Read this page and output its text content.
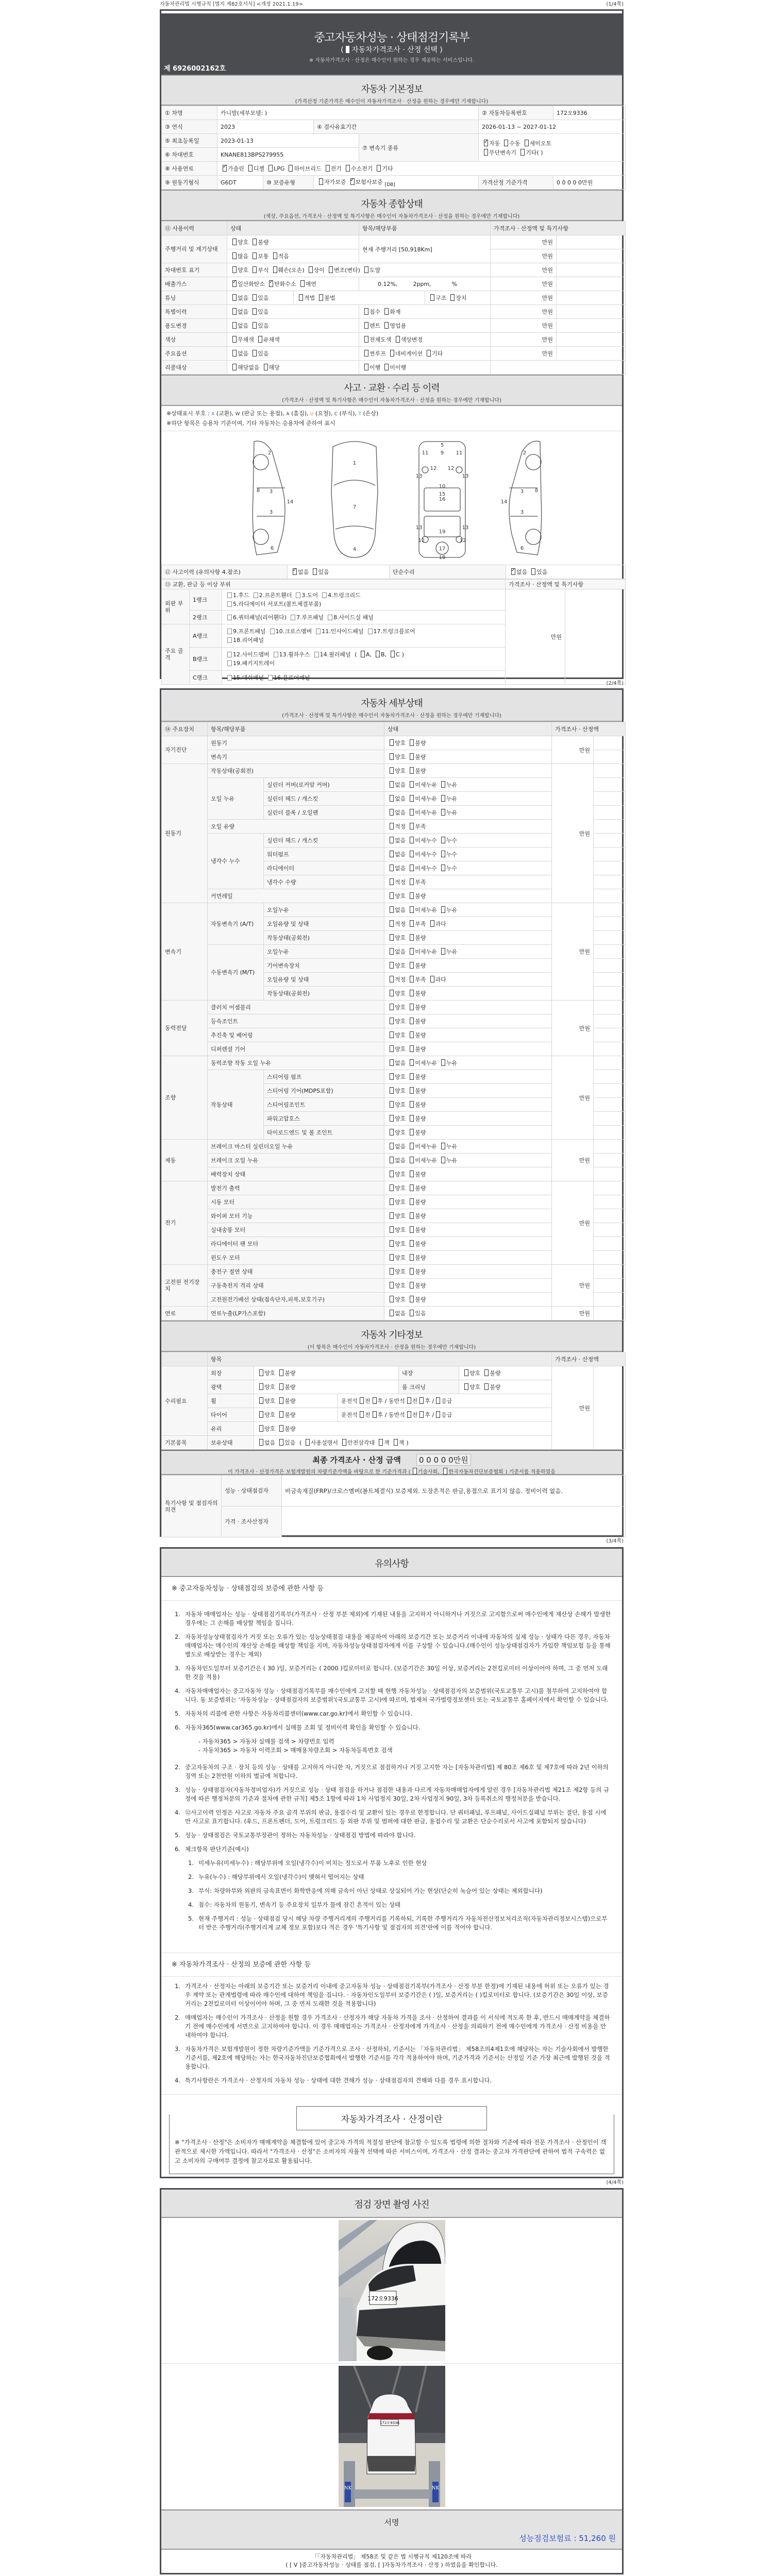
자동차관리법 시행규칙 [별지 제82호서식] <개정 2021.1.19>	(1/4쪽)
중고자동차성능 · 상태점검기록부
( 자동차가격조사 · 산정 선택 )
※ 자동차가격조사 · 산정은 매수인이 원하는 경우 제공하는 서비스입니다.
제 6926002162호
자동차 기본정보
(가격산정 기준가격은 매수인이 자동차가격조사 · 산정을 원하는 경우에만 기재합니다)
① 차명	카니발(세부모델: )				② 자동차등록번호	172오9336
③ 연식	2023		④ 검사유효기간		2026-01-13 ~ 2027-01-12	
⑤ 최초등록일	2023-01-13			⑦ 변속기 종류	
✓자동 수동 세미오토
무단변속기 기타( )

⑥ 차대번호	KNANE813BPS279955					
⑧ 사용연료	✓가솔린 디젤 LPG 하이브리드 전기 수소전기 기타
⑨ 원동기형식	G6DT	⑩ 보증유형	자가보증 ✓ 보험사보증 $_{[DB]}$		가격산정 기준가격	0 0 0 0 0만원
자동차 종합상태
(색상, 주요옵션, 가격조사 · 산정액 및 특기사항은 매수인이 자동차가격조사 · 산정을 원하는 경우에만 기재합니다)
⑪ 사용이력	상태		항목/해당부품		가격조사 · 산정액 및 특기사항	
주행거리 및 계기상태	양호 불량		현재 주행거리 [50,918Km]		만원	
	많음 보통 적음				만원	
차대번호 표기	양호 부식 훼손(오손) 상이 변조(변타) 도말				만원	
배출가스	✓일산화탄소 ✓ 탄화수소 매연		0.12%, 2ppm, %		만원	
튜닝	없음 있음	적법 불법		구조 장치	만원	
특별이력	없음 있음		침수 화재		만원	
용도변경	없음 있음		렌트 영업용		만원	
색상	무채색 유채색		전체도색 색상변경		만원	
주요옵션	없음 있음		썬루프 네비게이션 기타		만원	
리콜대상	해당없음 해당		이행 미이행			
사고 · 교환 · 수리 등 이력
(가격조사 · 산정액 및 특기사항은 매수인이 자동차가격조사 · 산정을 원하는 경우에만 기재합니다)
※상태표시 부호 : X (교환), W (판금 또는 용접), A (흠집), U (요철), C (부식), T (손상)
※하단 항목은 승용차 기준이며, 기타 자동차는 승용차에 준하여 표시
2
8 3
3
14
6
1
7
4
5
9
11	11
12 12
13	13
10
15
16
13	13
19
12	12
17
18
2
3 8
3
14
6
⑫ 사고이력 (유의사항 4.참조)	✓없음 있음	단순수리	✓없음 있음
⑬ 교환, 판금 등 이상 부위			가격조사 · 산정액 및 특기사항	
외판 부위	1랭크	1.후드 2.프론트휀더 3.도어 4.트렁크리드
5.라디에이터 서포트(볼트체결부품)	만원	
	2랭크	6.쿼터패널(리어휀다) 7.루프패널 8.사이드실 패널		

주요 골격	A랭크	9.프론트패널 10.크로스멤버 11.인사이드패널 17.트렁크플로어
18.리어패널		

	B랭크	12.사이드멤버 13.휠하우스 14.필러패널 ( A, B, C )
19.패키지트레이		

	C랭크	15.대쉬패널 16.플로어패널		
(2/4쪽)
자동차 세부상태
(가격조사 · 산정액 및 특기사항은 매수인이 자동차가격조사 · 산정을 원하는 경우에만 기재합니다)
⑭ 주요장치	항목/해당부품		상태	가격조사 · 산정액	
자기진단	원동기		양호 불량	만원	
	변속기		양호 불량		
원동기	작동상태(공회전)		양호 불량	만원	
	오일 누유	실린더 커버(로커암 커버)	없음 미세누유 누유		
		실린더 헤드 / 개스킷	없음 미세누유 누유		
		실린더 블록 / 오일팬	없음 미세누유 누유		
	오일 유량		적정 부족		
	냉각수 누수	실린더 헤드 / 개스킷	없음 미세누수 누수		
		워터펌프	없음 미세누수 누수		
		라디에이터	없음 미세누수 누수		
		냉각수 수량	적정 부족		
	커먼레일		양호 불량		
변속기	자동변속기 (A/T)	오일누유	없음 미세누유 누유	만원	
		오일유량 및 상태	적정 부족 과다		
		작동상태(공회전)	양호 불량		
	수동변속기 (M/T)	오일누유	없음 미세누유 누유		
		기어변속장치	양호 불량		
		오일유량 및 상태	적정 부족 과다		
		작동상태(공회전)	양호 불량		
동력전달	클러치 어셈블리		양호 불량	만원	
	등속조인트		양호 불량		
	추진축 및 베어링		양호 불량		
	디퍼렌셜 기어		양호 불량		
조향	동력조향 작동 오일 누유		없음 미세누유 누유	만원	
	작동상태	스티어링 펌프	양호 불량		
		스티어링 기어(MDPS포함)	양호 불량		
		스티어링조인트	양호 불량		
		파워고압호스	양호 불량		
		타이로드엔드 및 볼 조인트	양호 불량		
제동	브레이크 마스터 실린더오일 누유		없음 미세누유 누유	만원	
	브레이크 오일 누유		없음 미세누유 누유		
	배력장치 상태		양호 불량		
전기	발전기 출력		양호 불량	만원	
	시동 모터		양호 불량		
	와이퍼 모터 기능		양호 불량		
	실내송풍 모터		양호 불량		
	라디에이터 팬 모터		양호 불량		
	윈도우 모터		양호 불량		
고전원 전기장치	충전구 절연 상태		양호 불량	만원	
	구동축전지 격리 상태		양호 불량		
	고전원전기배선 상태(접속단자,피복,보호기구)		양호 불량		
연료	연료누출(LP가스포함)		없음 있음	만원	
자동차 기타정보
(이 항목은 매수인이 자동차가격조사 · 산정을 원하는 경우에만 기재합니다)
	항목					가격조사 · 산정액	
수리필요	외장	양호 불량		내장	양호 불량	만원	
	광택	양호 불량		룸 크리닝	양호 불량		
	휠	양호 불량	운전석 전 후 / 동반석 전 후 / 응급				
	타이어	양호 불량	운전석 전 후 / 동반석 전 후 / 응급				
	유리	양호 불량					
기본품목	보유상태	없음 있음 ( 사용설명서 안전삼각대 잭 잭 )					
최종 가격조사 · 산정 금액 0 0 0 0 0만원
이 가격조사 · 산정가격은 보험개발원의 차량기준가액을 바탕으로 한 기준가격과 ( 기술사회, 한국자동차진단보증협회 ) 기준서를 적용하였음
특기사항 및 점검자의 의견	성능 · 상태점검자	비금속재질(FRP)/크로스멤버(볼트체결식) 보증제외. 도장흔적은 판금,용접으로 표기치 않음. 정비이력 없음.
	가격 · 조사산정자	
(3/4쪽)
유의사항
※ 중고자동차성능 · 상태점검의 보증에 관한 사항 등
1. 자동차 매매업자는 성능 · 상태점검기록부(가격조사 · 산정 부분 제외)에 기재된 내용을 고지하지 아니하거나 거짓으로 고지함으로써 매수인에게 재산상 손해가 발생한 경우에는 그 손해를 배상할 책임을 집니다.
2. 자동차성능상태점검자가 거짓 또는 오류가 있는 성능상태점검 내용을 제공하여 아래의 보증기간 또는 보증거리 이내에 자동차의 실제 성능 · 상태가 다른 경우, 자동차매매업자는 매수인의 재산상 손해를 배상할 책임을 지며, 자동차성능상태점검자에게 이를 구상할 수 있습니다.(매수인이 성능상태점검자가 가입한 책임보험 등을 통해 별도로 배상받는 경우는 제외)
3. 자동차인도일부터 보증기간은 ( 30 )일, 보증거리는 ( 2000 )킬로미터로 합니다. (보증기간은 30일 이상, 보증거리는 2천킬로미터 이상이어야 하며, 그 중 먼저 도래한 것을 적용)
4. 자동차매매업자는 중고자동차 성능 · 상태점검기록부를 매수인에게 고지할 때 현행 자동차성능 · 상태점검자의 보증범위(국토교통부 고시)를 첨부하여 고지하여야 합니다. 동 보증범위는 '자동차성능 · 상태점검자의 보증범위'(국토교통부 고시)에 따르며, 법제처 국가법령정보센터 또는 국토교통부 홈페이지에서 확인할 수 있습니다.
5. 자동차의 리콜에 관한 사항은 자동차리콜센터(www.car.go.kr)에서 확인할 수 있습니다.
6. 자동차365(www.car365.go.kr)에서 실매물 조회 및 정비이력 확인을 확인할 수 있습니다.
- 자동차365 > 자동차 실매물 검색 > 차량번호 입력
- 자동차365 > 자동차 이력조회 > 매매용차량조회 > 자동차등록번호 검색
2. 중고자동차의 구조 · 장치 등의 성능 · 상태를 고지하지 아니한 자, 거짓으로 점검하거나 거짓 고지한 자는 [자동차관리법] 제 80조 제6호 및 제7호에 따라 2년 이하의 징역 또는 2천만원 이하의 벌금에 처합니다.
3. 성능 · 상태점검자(자동차정비업자)가 거짓으로 성능 · 상태 점검을 하거나 점검한 내용과 다르게 자동차매매업자에게 알린 경우 [자동차관리법 제21조 제2항 등의 규정에 따른 행정처분의 기준과 절차에 관한 규칙] 제5조 1항에 따라 1차 사업정지 30일, 2차 사업정지 90일, 3차 등록취소의 행정처분을 받습니다.
4. ⑫사고이력 인정은 사고로 자동차 주요 골격 부위의 판금, 용접수리 및 교환이 있는 경우로 한정합니다. 단 쿼터패널, 루프패널, 사이드실패널 부위는 절단, 용접 시에만 사고로 표기합니다. (후드, 프론트펜더, 도어, 트렁크리드 등 외판 부위 및 범퍼에 대한 판금, 용접수리 및 교환은 단순수리로서 사고에 포함되지 않습니다)
5. 성능 · 상태점검은 국토교통부장관이 정하는 자동차성능 · 상태점검 방법에 따라야 합니다.
6. 체크항목 판단기준(예시)
1. 미세누유(미세누수) : 해당부위에 오일(냉각수)이 비치는 정도로서 부품 노후로 인한 현상
2. 누유(누수) : 해당부위에서 오일(냉각수)이 맺혀서 떨어지는 상태
3. 부식: 차량하부와 외판의 금속표면이 화학반응에 의해 금속이 아닌 상태로 상실되어 가는 현상(단순히 녹슬어 있는 상태는 제외합니다)
4. 침수: 자동차의 원동기, 변속기 등 주요장치 일부가 물에 잠긴 흔적이 있는 상태
5. 현재 주행거리 : 성능 · 상태점검 당시 해당 차량 주행거리계의 주행거리를 기록하되, 기록한 주행거리가 자동차전산정보처리조직(자동차관리정보시스템)으로부터 받은 주행거리(주행거리계 교체 정보 포함)보다 적은 경우 '특기사항 및 점검자의 의견'란에 이를 적어야 합니다.
※ 자동차가격조사 · 산정의 보증에 관한 사항 등
1. 가격조사 · 산정자는 아래의 보증기간 또는 보증거리 이내에 중고자동차 성능 · 상태점검기록부(가격조사 · 산정 부분 한정)에 기재된 내용에 허위 또는 오류가 있는 경우 계약 또는 관계법령에 따라 매수인에 대하여 책임을 집니다. · 자동차인도일부터 보증기간은 ( )일, 보증거리는 ( )킬로미터로 합니다. (보증기간은 30일 이상, 보증거리는 2천킬로미터 이상이어야 하며, 그 중 먼저 도래한 것을 적용합니다)
2. 매매업자는 매수인이 가격조사 · 산정을 원할 경우 가격조사 · 산정자가 해당 자동차 가격을 조사 · 산정하여 결과를 이 서식에 적도록 한 후, 반드시 매매계약을 체결하기 전에 매수인에게 서면으로 고지하여야 합니다. 이 경우 매매업자는 가격조사 · 산정자에게 가격조사 · 산정을 의뢰하기 전에 매수인에게 가격조사 · 산정 비용을 안내하여야 합니다.
3. 자동차가격은 보험개발원이 정한 차량기준가액을 기준가격으로 조사 · 산정하되, 기준서는 「자동차관리법」 제58조의4제1호에 해당하는 자는 기술사회에서 발행한 기준서를, 제2호에 해당하는 자는 한국자동차진단보증협회에서 발행한 기준서를 각각 적용하여야 하며, 기준가격과 기준서는 산정일 기준 가장 최근에 발행된 것을 적용합니다.
4. 특기사항란은 가격조사 · 산정자의 자동차 성능 · 상태에 대한 견해가 성능 · 상태점검자의 견해와 다를 경우 표시합니다.
자동차가격조사 · 산정이란

※ "가격조사 · 산정"은 소비자가 매매계약을 체결함에 있어 중고차 가격의 적절성 판단에 참고할 수 있도록 법령에 의한 절차와 기준에 따라 전문 가격조사 · 산정인이 객관적으로 제시한 가액입니다. 따라서 "가격조사 · 산정"은 소비자의 자율적 선택에 따른 서비스이며, 가격조사 · 산정 결과는 중고차 가격판단에 관하여 법적 구속력은 없고 소비자의 구매여부 결정에 참고자료로 활용됩니다.

(4/4쪽)
점검 장면 촬영 사진
172오9336
172오9336
NK	NK
서명
성능점검보험료 : 51,260 원
「「자동차관리법」 제58조 및 같은 법 시행규칙 제120조에 따라
( [ V ]중고자동차성능 · 상태를 점검, [ ]자동차가격조사 · 산정 ) 하였음을 확인합니다.
